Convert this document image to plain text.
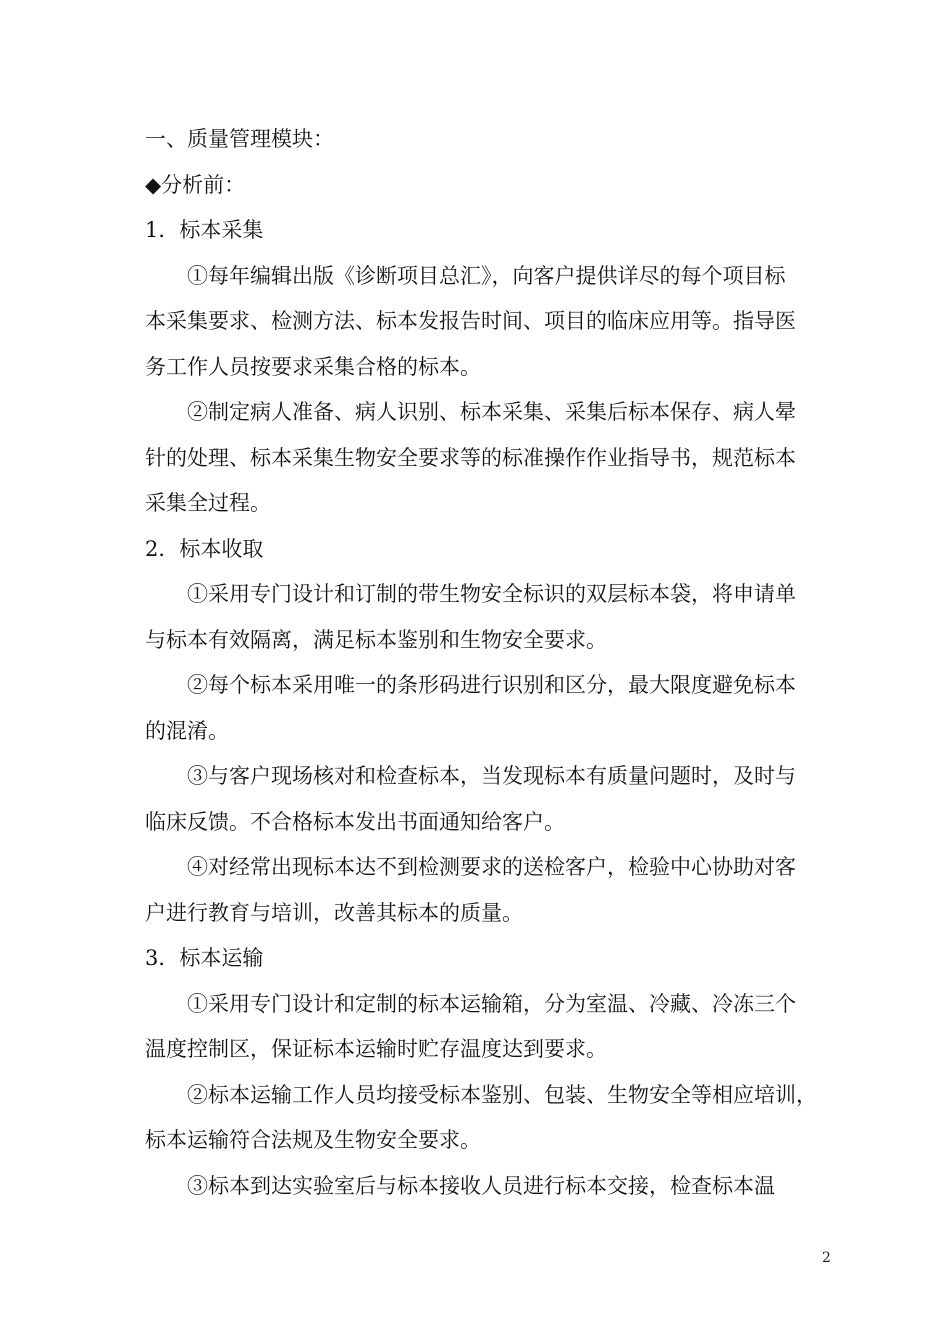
一、质量管理模块：
◆分析前：
1．标本采集
①每年编辑出版《诊断项目总汇》，向客户提供详尽的每个项目标
本采集要求、检测方法、标本发报告时间、项目的临床应用等。指导医
务工作人员按要求采集合格的标本。
②制定病人准备、病人识别、标本采集、采集后标本保存、病人晕
针的处理、标本采集生物安全要求等的标准操作作业指导书，规范标本
采集全过程。
2．标本收取
①采用专门设计和订制的带生物安全标识的双层标本袋，将申请单
与标本有效隔离，满足标本鉴别和生物安全要求。
②每个标本采用唯一的条形码进行识别和区分，最大限度避免标本
的混淆。
③与客户现场核对和检查标本，当发现标本有质量问题时，及时与
临床反馈。不合格标本发出书面通知给客户。
④对经常出现标本达不到检测要求的送检客户，检验中心协助对客
户进行教育与培训，改善其标本的质量。
3．标本运输
①采用专门设计和定制的标本运输箱，分为室温、冷藏、冷冻三个
温度控制区，保证标本运输时贮存温度达到要求。
②标本运输工作人员均接受标本鉴别、包装、生物安全等相应培训，
标本运输符合法规及生物安全要求。
③标本到达实验室后与标本接收人员进行标本交接，检查标本温
2
